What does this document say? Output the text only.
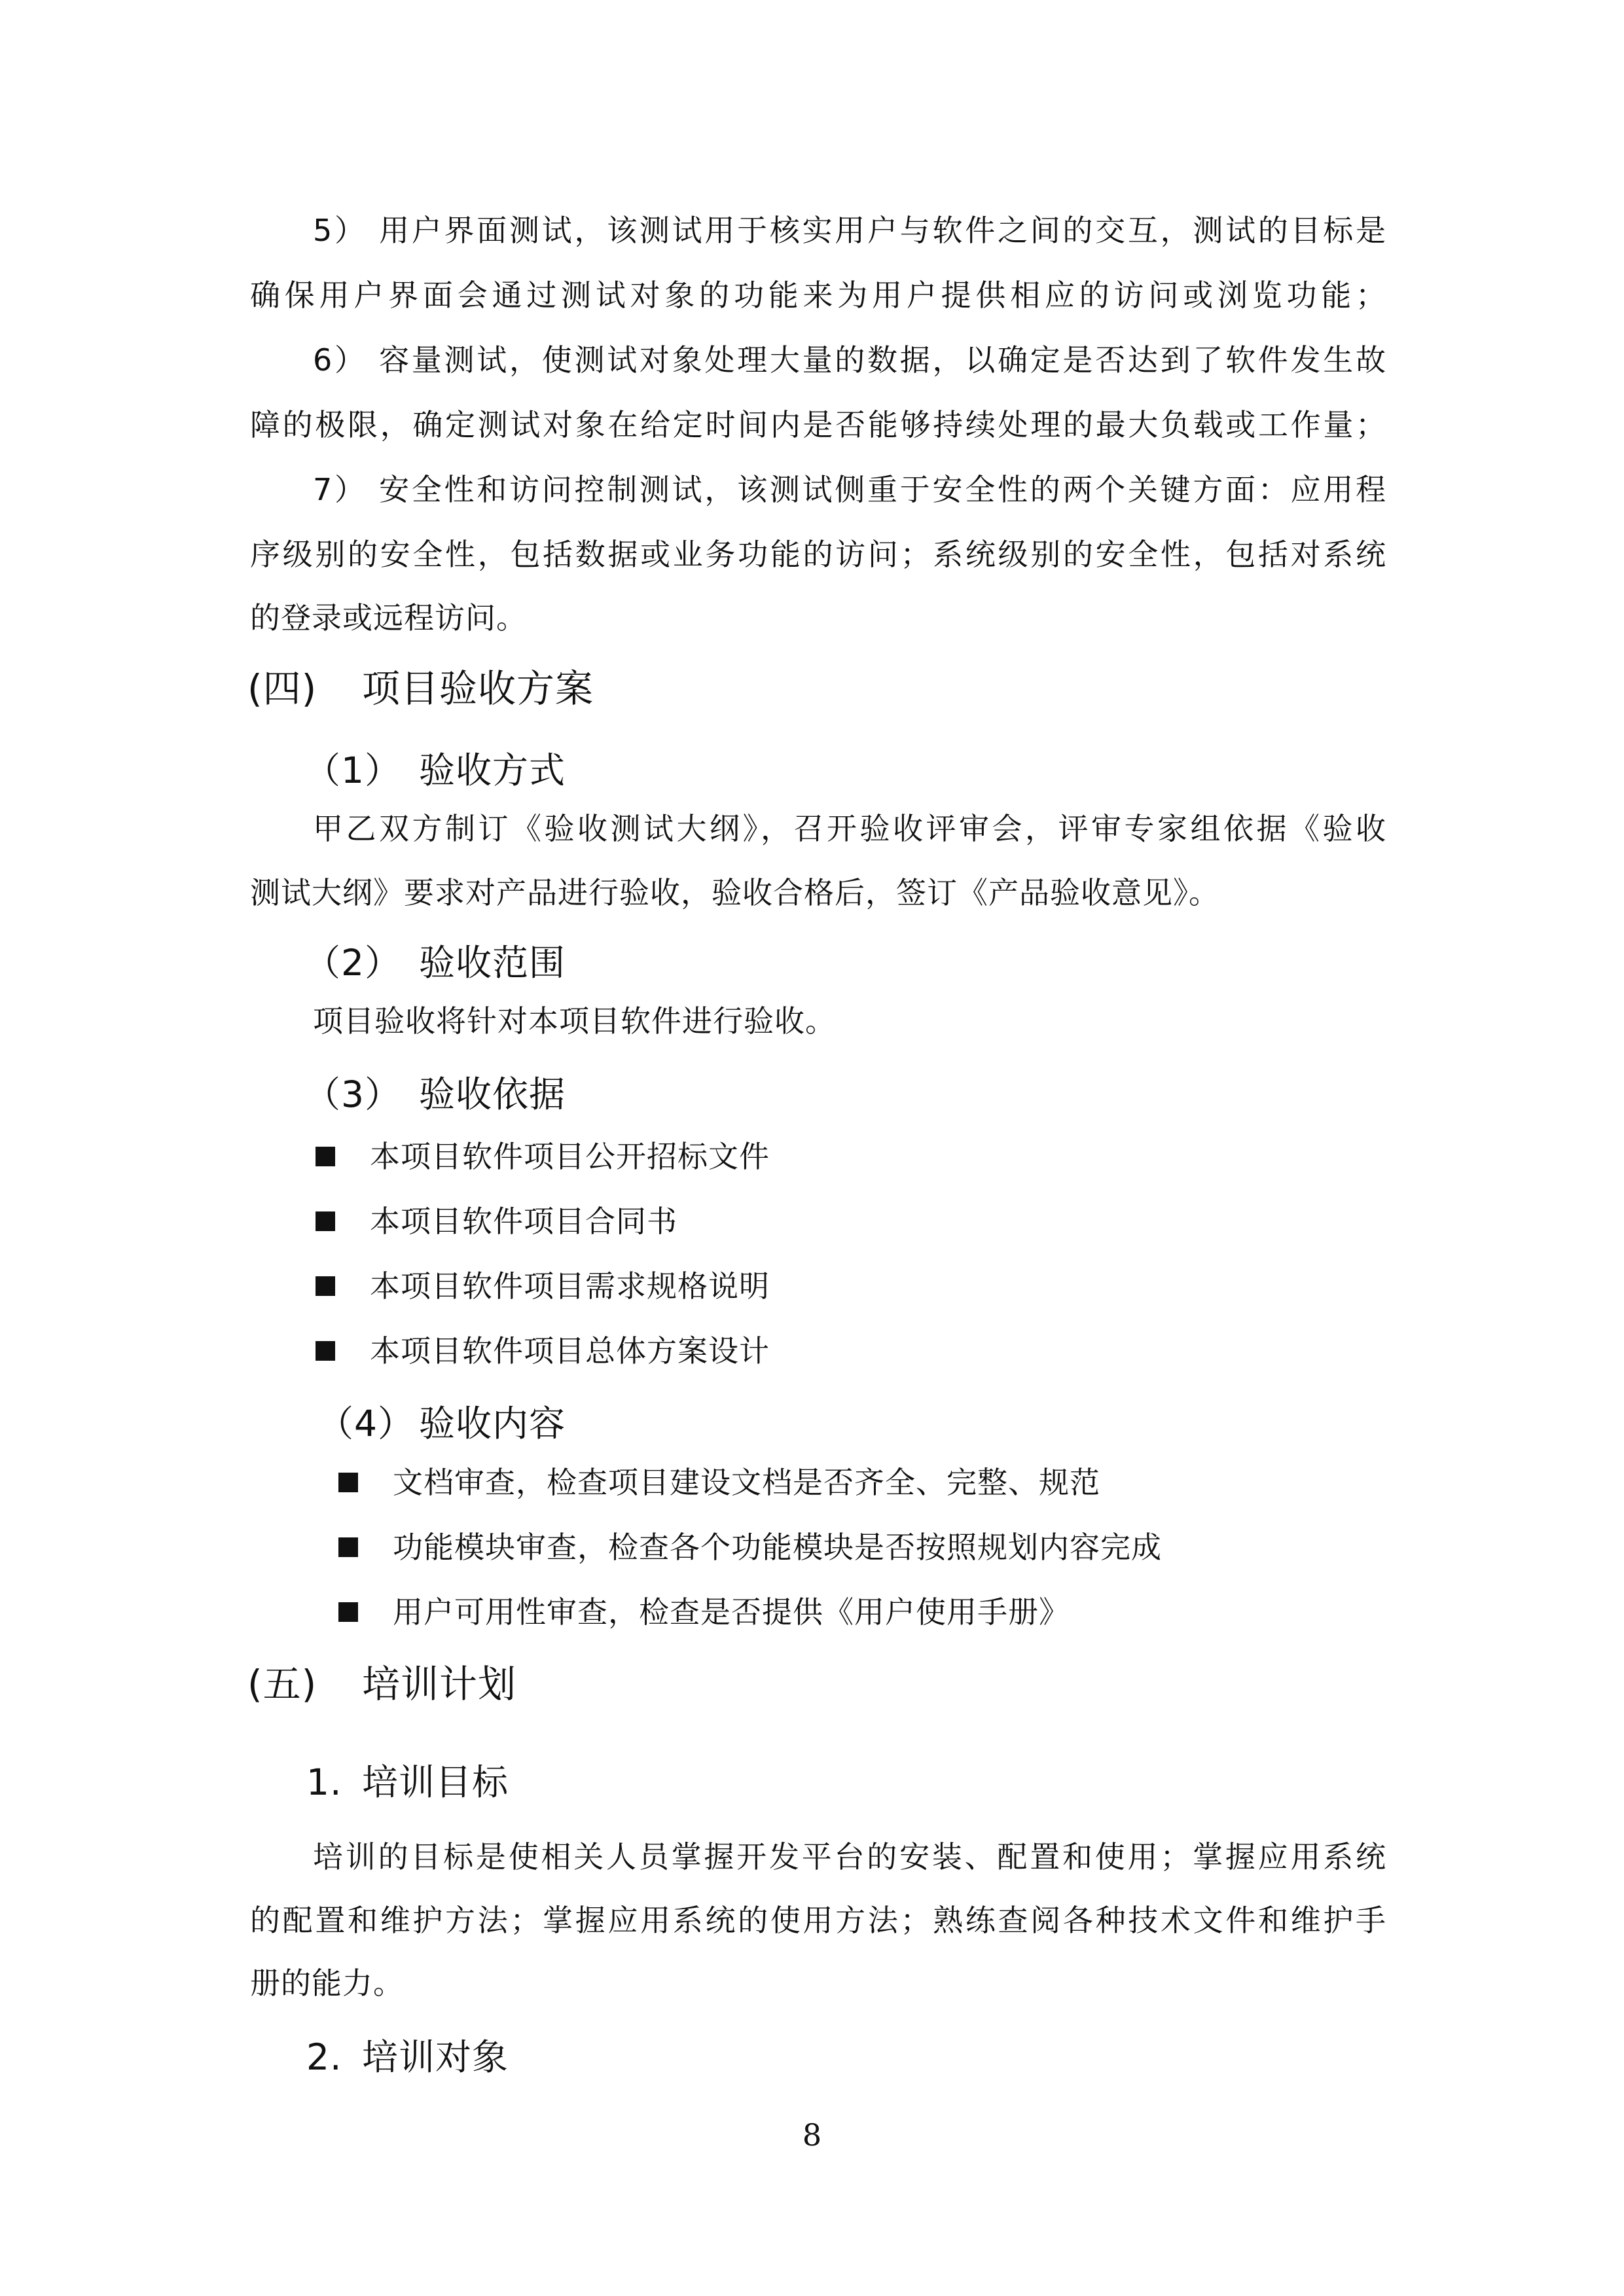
5） 用户界面测试，该测试用于核实用户与软件之间的交互，测试的目标是
确保用户界面会通过测试对象的功能来为用户提供相应的访问或浏览功能；
6） 容量测试，使测试对象处理大量的数据，以确定是否达到了软件发生故
障的极限，确定测试对象在给定时间内是否能够持续处理的最大负载或工作量；
7） 安全性和访问控制测试，该测试侧重于安全性的两个关键方面：应用程
序级别的安全性，包括数据或业务功能的访问；系统级别的安全性，包括对系统
的登录或远程访问。
(四) 项目验收方案
（1） 验收方式
甲乙双方制订《验收测试大纲》，召开验收评审会，评审专家组依据《验收
测试大纲》要求对产品进行验收，验收合格后，签订《产品验收意见》。
（2） 验收范围
项目验收将针对本项目软件进行验收。
（3） 验收依据
本项目软件项目公开招标文件
本项目软件项目合同书
本项目软件项目需求规格说明
本项目软件项目总体方案设计
（4） 验收内容
文档审查，检查项目建设文档是否齐全、完整、规范
功能模块审查，检查各个功能模块是否按照规划内容完成
用户可用性审查，检查是否提供《用户使用手册》
(五) 培训计划
1. 培训目标
培训的目标是使相关人员掌握开发平台的安装、配置和使用；掌握应用系统
的配置和维护方法；掌握应用系统的使用方法；熟练查阅各种技术文件和维护手
册的能力。
2. 培训对象
8
